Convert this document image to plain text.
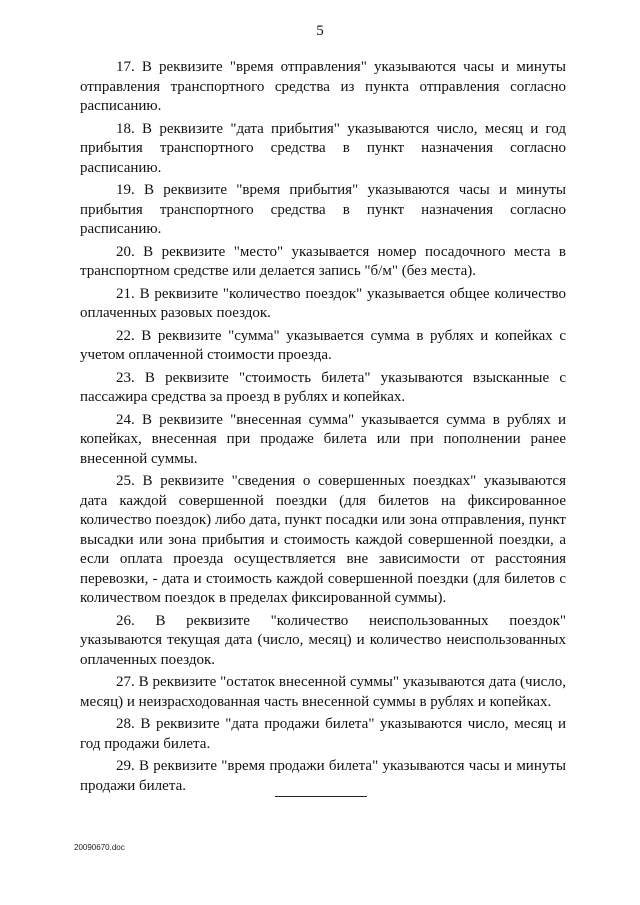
5

17. В реквизите "время отправления" указываются часы и минуты отправления транспортного средства из пункта отправления согласно расписанию.

18. В реквизите "дата прибытия" указываются число, месяц и год прибытия транспортного средства в пункт назначения согласно расписанию.

19. В реквизите "время прибытия" указываются часы и минуты прибытия транспортного средства в пункт назначения согласно расписанию.

20. В реквизите "место" указывается номер посадочного места в транспортном средстве или делается запись "б/м" (без места).

21. В реквизите "количество поездок" указывается общее количество оплаченных разовых поездок.

22. В реквизите "сумма" указывается сумма в рублях и копейках с учетом оплаченной стоимости проезда.

23. В реквизите "стоимость билета" указываются взысканные с пассажира средства за проезд в рублях и копейках.

24. В реквизите "внесенная сумма" указывается сумма в рублях и копейках, внесенная при продаже билета или при пополнении ранее внесенной суммы.

25. В реквизите "сведения о совершенных поездках" указываются дата каждой совершенной поездки (для билетов на фиксированное количество поездок) либо дата, пункт посадки или зона отправления, пункт высадки или зона прибытия и стоимость каждой совершенной поездки, а если оплата проезда осуществляется вне зависимости от расстояния перевозки, - дата и стоимость каждой совершенной поездки (для билетов с количеством поездок в пределах фиксированной суммы).

26. В реквизите "количество неиспользованных поездок" указываются текущая дата (число, месяц) и количество неиспользованных оплаченных поездок.

27. В реквизите "остаток внесенной суммы" указываются дата (число, месяц) и неизрасходованная часть внесенной суммы в рублях и копейках.

28. В реквизите "дата продажи билета" указываются число, месяц и год продажи билета.

29. В реквизите "время продажи билета" указываются часы и минуты продажи билета.

20090670.doc
